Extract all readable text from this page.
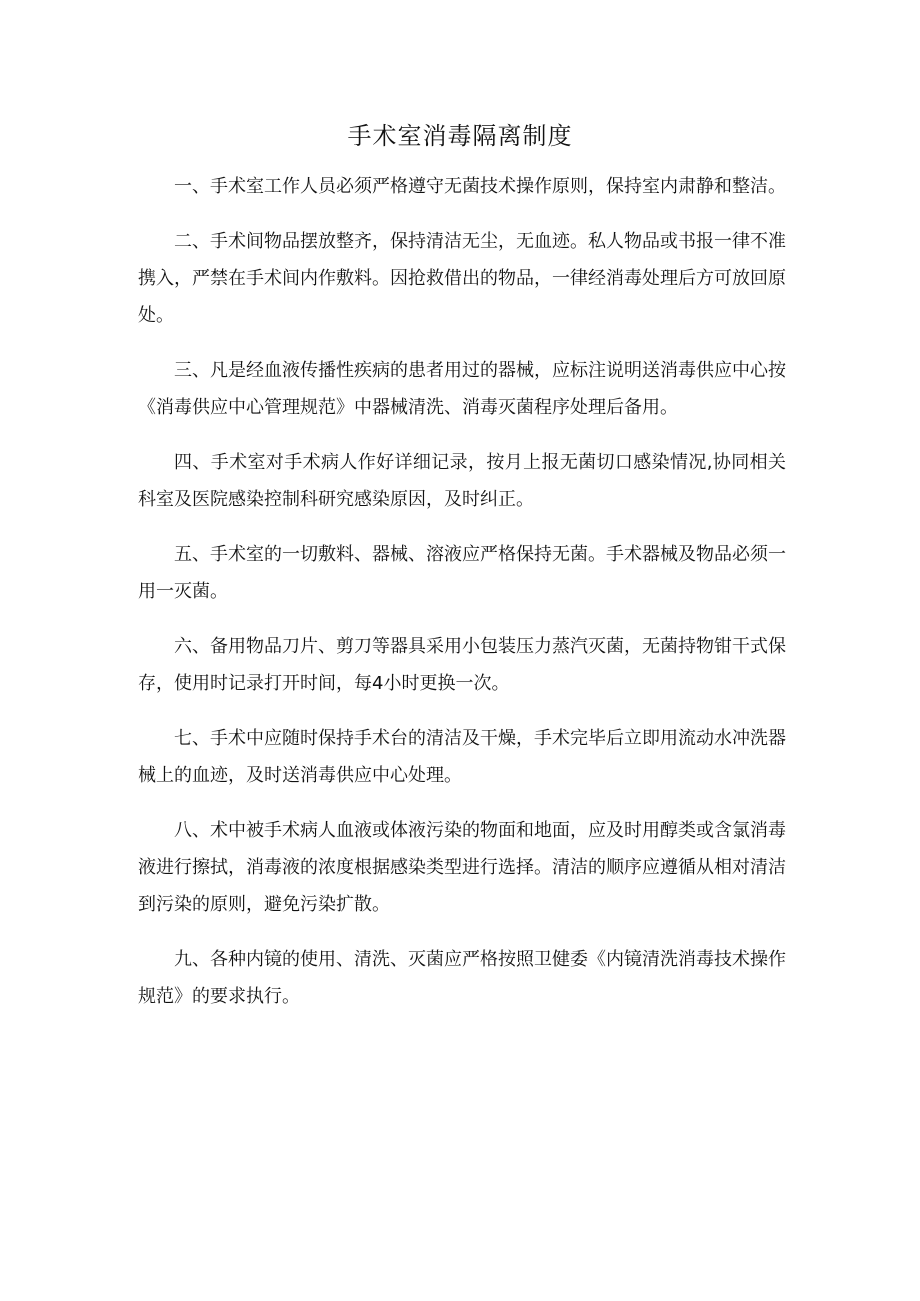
手术室消毒隔离制度

一、手术室工作人员必须严格遵守无菌技术操作原则，保持室内肃静和整洁。

二、手术间物品摆放整齐，保持清洁无尘，无血迹。私人物品或书报一律不准携入，严禁在手术间内作敷料。因抢救借出的物品，一律经消毒处理后方可放回原处。

三、凡是经血液传播性疾病的患者用过的器械，应标注说明送消毒供应中心按《消毒供应中心管理规范》中器械清洗、消毒灭菌程序处理后备用。

四、手术室对手术病人作好详细记录，按月上报无菌切口感染情况,协同相关科室及医院感染控制科研究感染原因，及时纠正。

五、手术室的一切敷料、器械、溶液应严格保持无菌。手术器械及物品必须一用一灭菌。

六、备用物品刀片、剪刀等器具采用小包装压力蒸汽灭菌，无菌持物钳干式保存，使用时记录打开时间，每4小时更换一次。

七、手术中应随时保持手术台的清洁及干燥，手术完毕后立即用流动水冲洗器械上的血迹，及时送消毒供应中心处理。

八、术中被手术病人血液或体液污染的物面和地面，应及时用醇类或含氯消毒液进行擦拭，消毒液的浓度根据感染类型进行选择。清洁的顺序应遵循从相对清洁到污染的原则，避免污染扩散。

九、各种内镜的使用、清洗、灭菌应严格按照卫健委《内镜清洗消毒技术操作规范》的要求执行。
